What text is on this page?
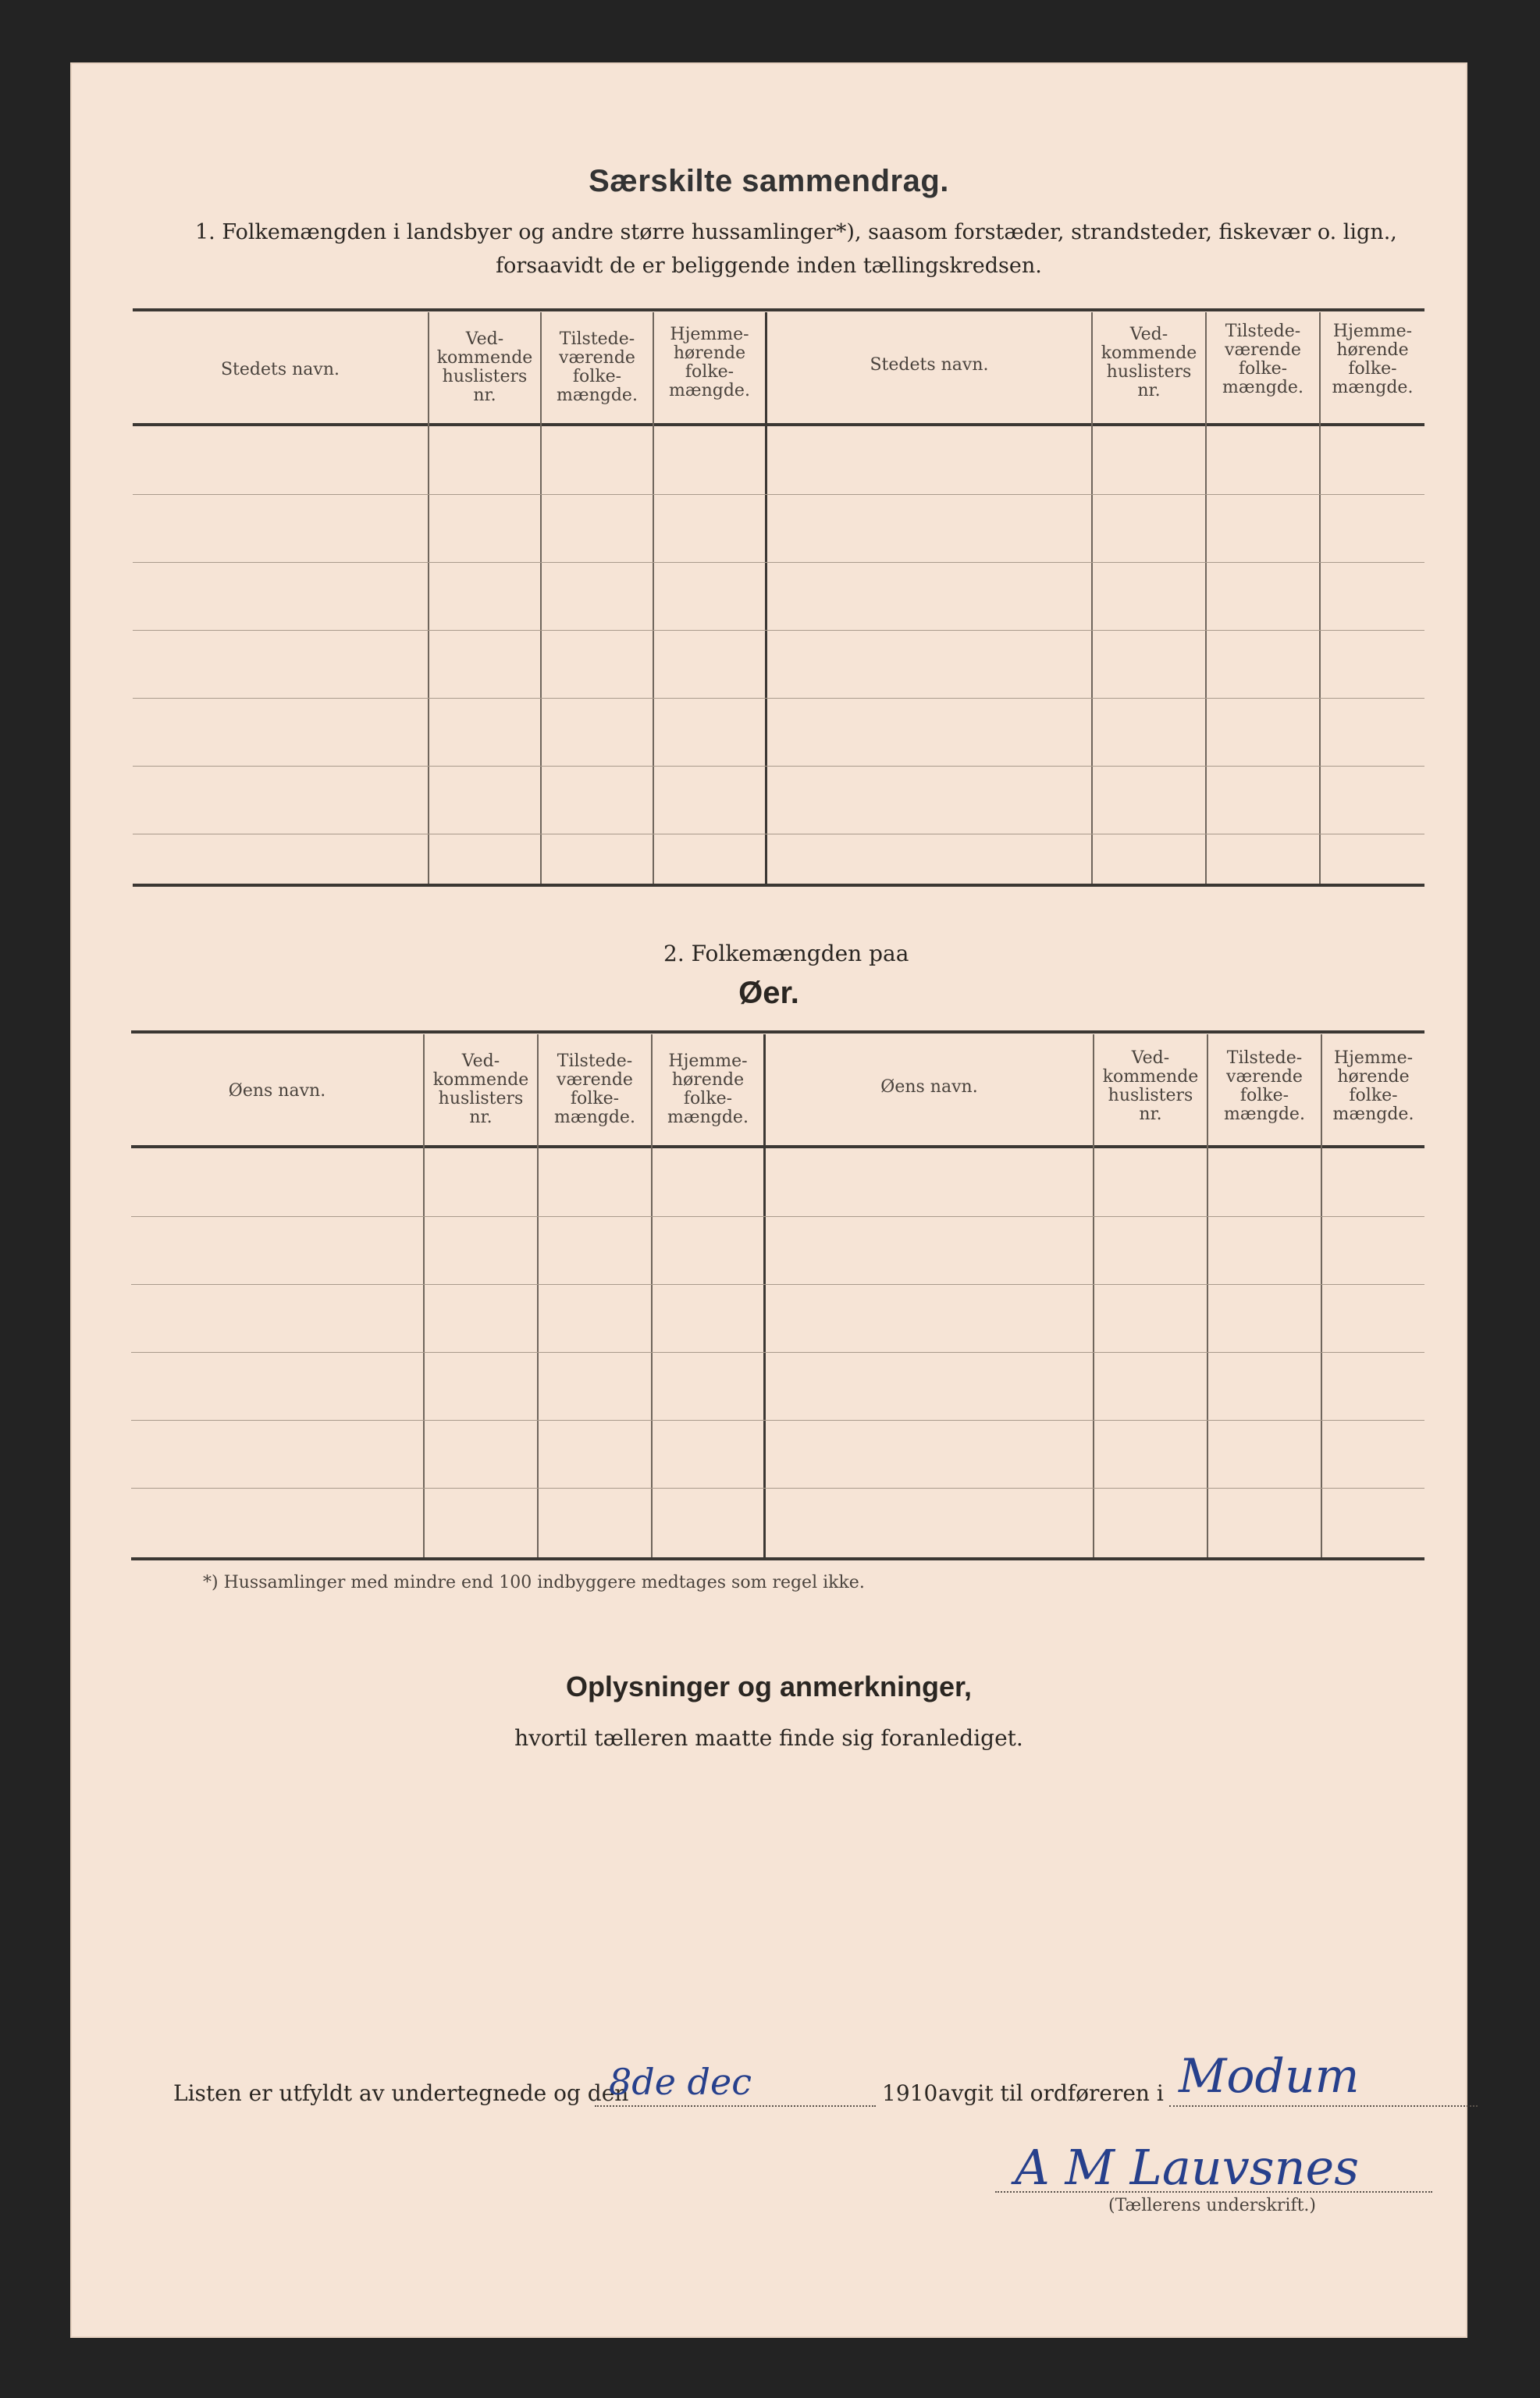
Særskilte sammendrag.
1. Folkemængden i landsbyer og andre større hussamlinger*), saasom forstæder, strandsteder, fiskevær o. lign.,
forsaavidt de er beliggende inden tællingskredsen.
Stedets navn.
Ved-
kommende
huslisters
nr.
Tilstede-
værende
folke-
mængde.
Hjemme-
hørende
folke-
mængde.
Stedets navn.
Ved-
kommende
huslisters
nr.
Tilstede-
værende
folke-
mængde.
Hjemme-
hørende
folke-
mængde.
2. Folkemængden paa
Øer.
Øens navn.
Ved-
kommende
huslisters
nr.
Tilstede-
værende
folke-
mængde.
Hjemme-
hørende
folke-
mængde.
Øens navn.
Ved-
kommende
huslisters
nr.
Tilstede-
værende
folke-
mængde.
Hjemme-
hørende
folke-
mængde.
*) Hussamlinger med mindre end 100 indbyggere medtages som regel ikke.
Oplysninger og anmerkninger,
hvortil tælleren maatte finde sig foranlediget.
Listen er utfyldt av undertegnede og den
8de dec	1910 avgit til ordføreren i Modum
A M Lauvsnes
(Tællerens underskrift.)
